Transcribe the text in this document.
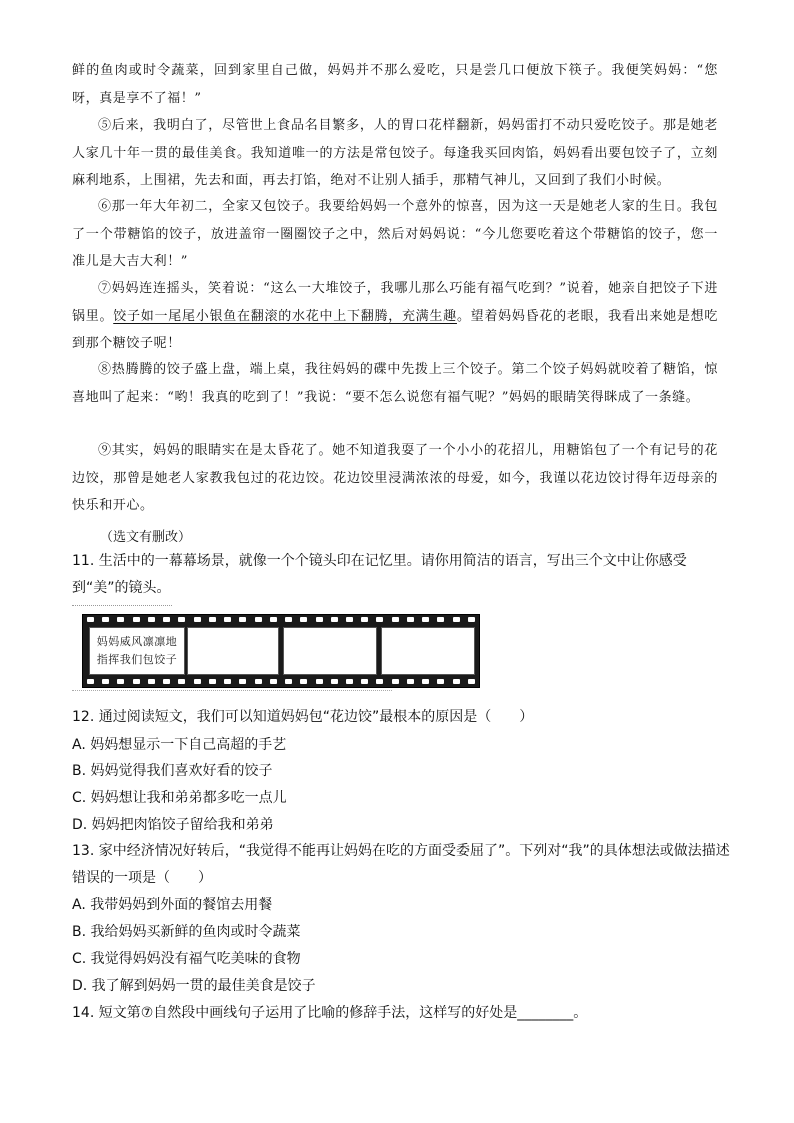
鲜的鱼肉或时令蔬菜，回到家里自己做，妈妈并不那么爱吃，只是尝几口便放下筷子。我便笑妈妈：“您呀，真是享不了福！”
⑤后来，我明白了，尽管世上食品名目繁多，人的胃口花样翻新，妈妈雷打不动只爱吃饺子。那是她老人家几十年一贯的最佳美食。我知道唯一的方法是常包饺子。每逢我买回肉馅，妈妈看出要包饺子了，立刻麻利地系，上围裙，先去和面，再去打馅，绝对不让别人插手，那精气神儿，又回到了我们小时候。
⑥那一年大年初二，全家又包饺子。我要给妈妈一个意外的惊喜，因为这一天是她老人家的生日。我包了一个带糖馅的饺子，放进盖帘一圈圈饺子之中，然后对妈妈说：“今儿您要吃着这个带糖馅的饺子，您一准儿是大吉大利！”
⑦妈妈连连摇头，笑着说：“这么一大堆饺子，我哪儿那么巧能有福气吃到？”说着，她亲自把饺子下进锅里。饺子如一尾尾小银鱼在翻滚的水花中上下翻腾，充满生趣。望着妈妈昏花的老眼，我看出来她是想吃到那个糖饺子呢！
⑧热腾腾的饺子盛上盘，端上桌，我往妈妈的碟中先拨上三个饺子。第二个饺子妈妈就咬着了糖馅，惊喜地叫了起来：“哟！我真的吃到了！”我说：“要不怎么说您有福气呢？”妈妈的眼睛笑得眯成了一条缝。
⑨其实，妈妈的眼睛实在是太昏花了。她不知道我耍了一个小小的花招儿，用糖馅包了一个有记号的花边饺，那曾是她老人家教我包过的花边饺。花边饺里浸满浓浓的母爱，如今，我谨以花边饺讨得年迈母亲的快乐和开心。
（选文有删改）
11. 生活中的一幕幕场景，就像一个个镜头印在记忆里。请你用简洁的语言，写出三个文中让你感受到“美”的镜头。
妈妈威风凛凛地
指挥我们包饺子
12. 通过阅读短文，我们可以知道妈妈包“花边饺”最根本的原因是（　　）
A. 妈妈想显示一下自己高超的手艺
B. 妈妈觉得我们喜欢好看的饺子
C. 妈妈想让我和弟弟都多吃一点儿
D. 妈妈把肉馅饺子留给我和弟弟
13. 家中经济情况好转后，“我觉得不能再让妈妈在吃的方面受委屈了”。下列对“我”的具体想法或做法描述错误的一项是（　　）
A. 我带妈妈到外面的餐馆去用餐
B. 我给妈妈买新鲜的鱼肉或时令蔬菜
C. 我觉得妈妈没有福气吃美味的食物
D. 我了解到妈妈一贯的最佳美食是饺子
14. 短文第⑦自然段中画线句子运用了比喻的修辞手法，这样写的好处是________。
